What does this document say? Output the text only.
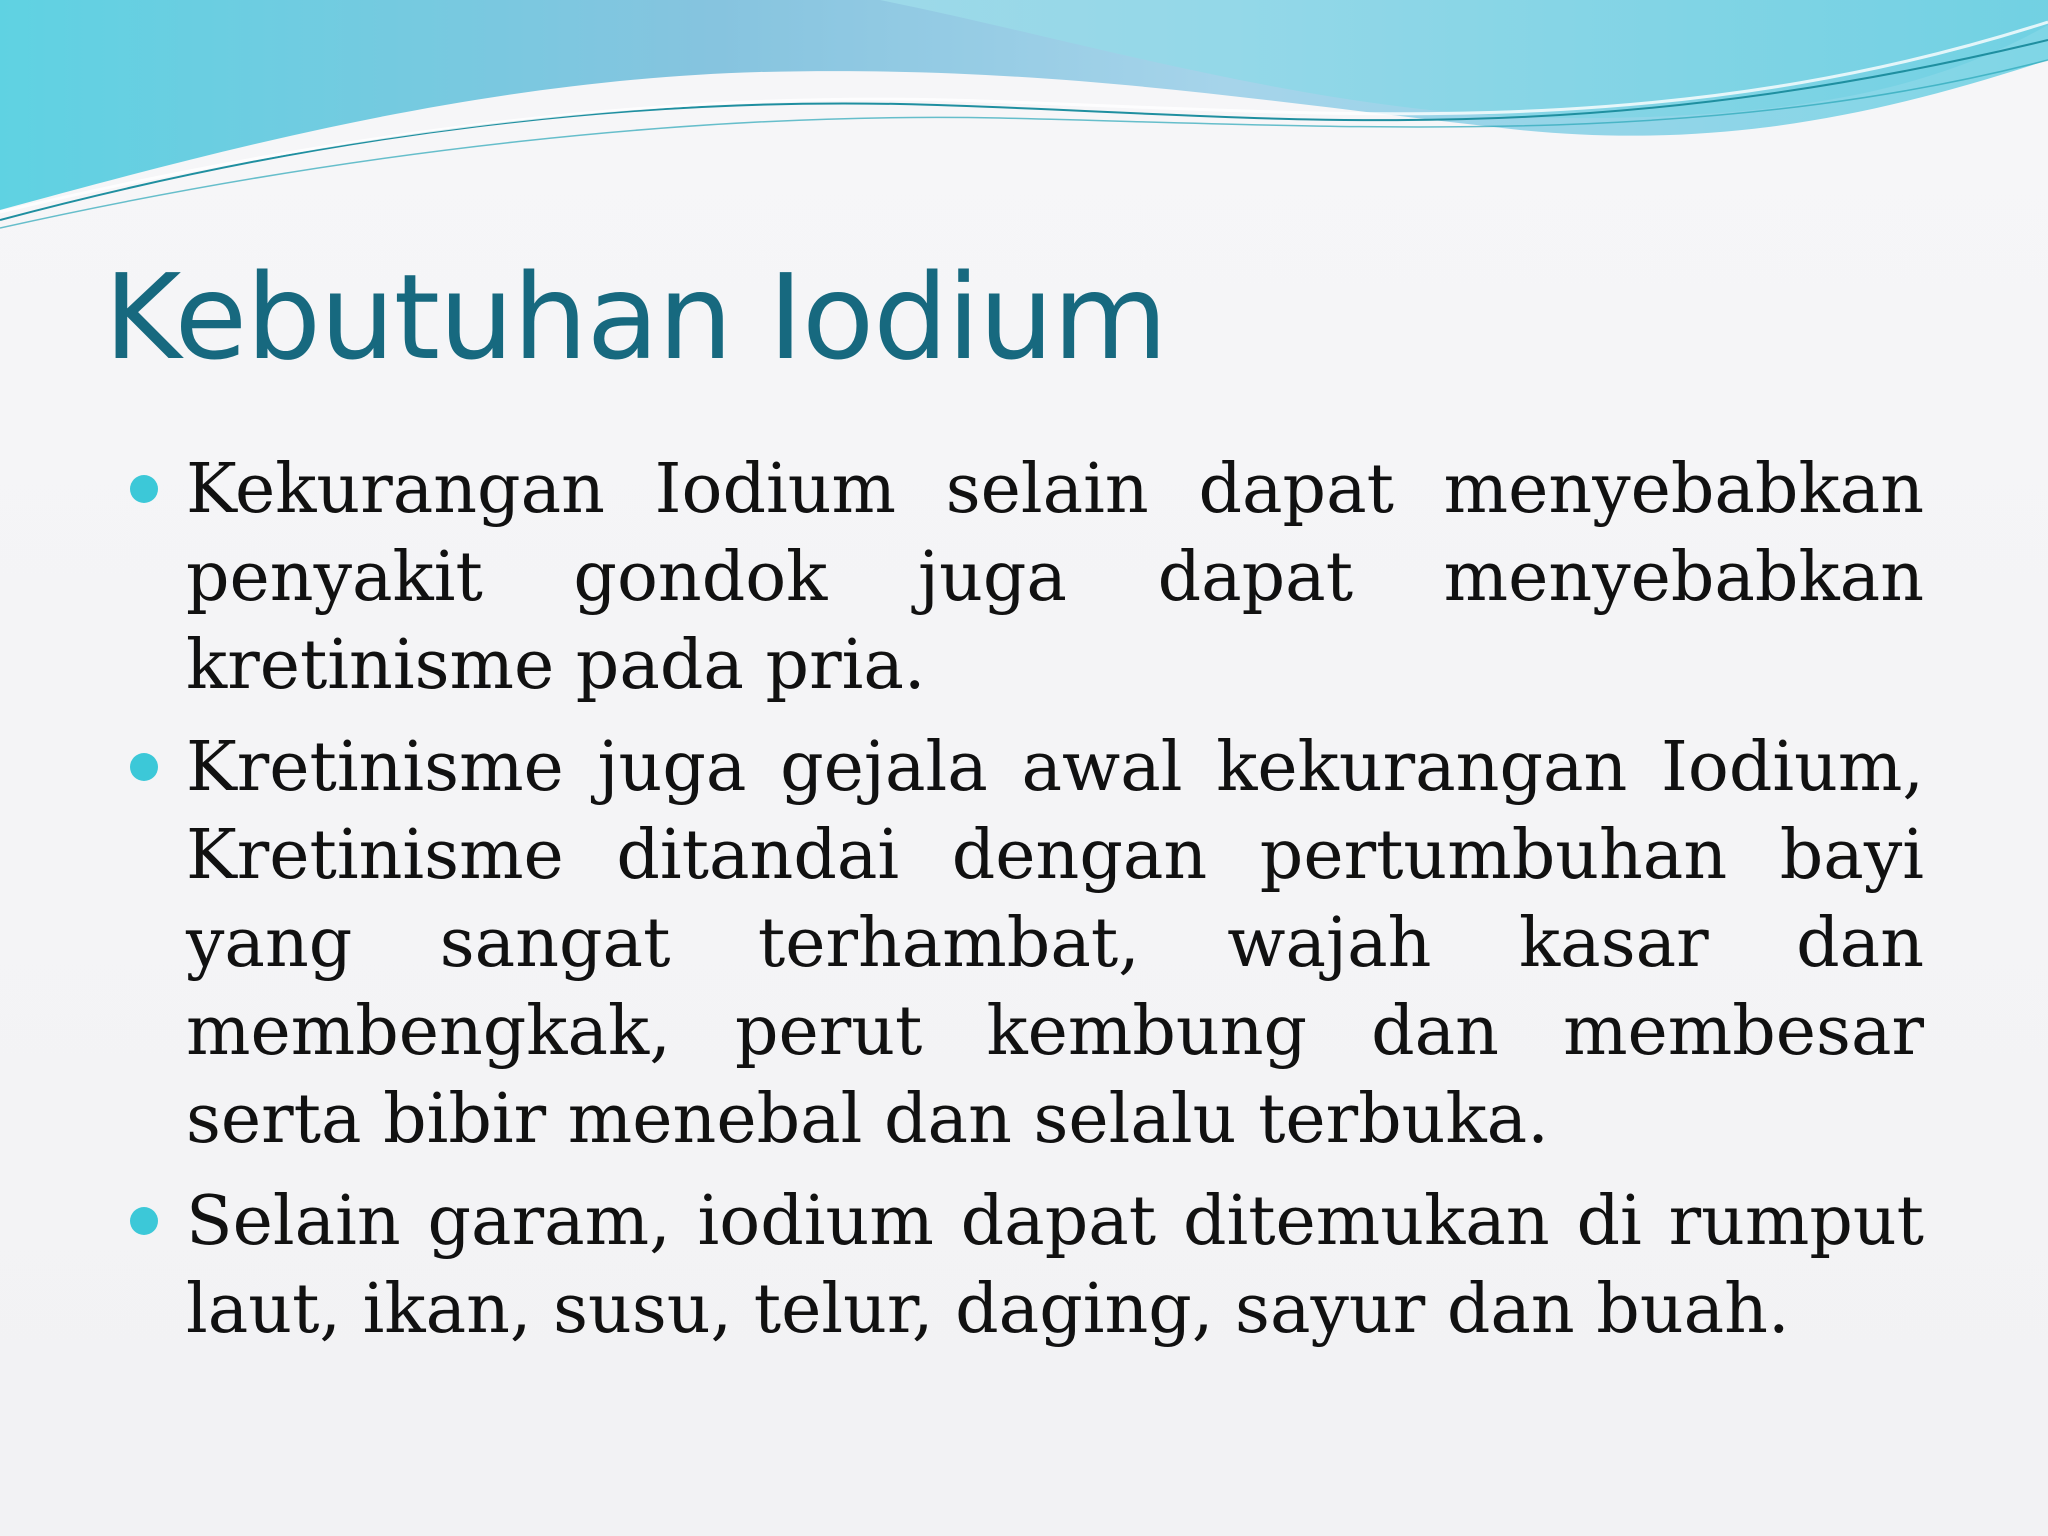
Kebutuhan Iodium
Kekurangan Iodium selain dapat menyebabkan penyakit gondok juga dapat menyebabkan kretinisme pada pria.
Kretinisme juga gejala awal kekurangan Iodium, Kretinisme ditandai dengan pertumbuhan bayi yang sangat terhambat, wajah kasar dan membengkak, perut kembung dan membesar serta bibir menebal dan selalu terbuka.
Selain garam, iodium dapat ditemukan di rumput laut, ikan, susu, telur, daging, sayur dan buah.
